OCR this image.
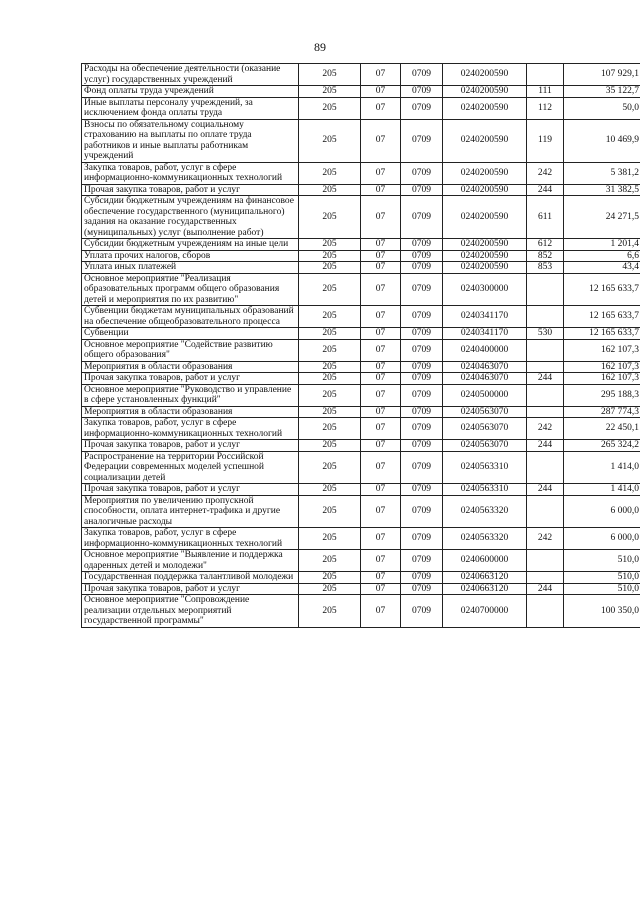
89
Расходы на обеспечение деятельности (оказание услуг) государственных учреждений	205	07	0709	0240200590		107 929,1
Фонд оплаты труда учреждений	205	07	0709	0240200590	111	35 122,7
Иные выплаты персоналу учреждений, за исключением фонда оплаты труда	205	07	0709	0240200590	112	50,0
Взносы по обязательному социальному страхованию на выплаты по оплате труда работников и иные выплаты работникам учреждений	205	07	0709	0240200590	119	10 469,9
Закупка товаров, работ, услуг в сфере информационно-коммуникационных технологий	205	07	0709	0240200590	242	5 381,2
Прочая закупка товаров, работ и услуг	205	07	0709	0240200590	244	31 382,5
Субсидии бюджетным учреждениям на финансовое обеспечение государственного (муниципального) задания на оказание государственных (муниципальных) услуг (выполнение работ)	205	07	0709	0240200590	611	24 271,5
Субсидии бюджетным учреждениям на иные цели	205	07	0709	0240200590	612	1 201,4
Уплата прочих налогов, сборов	205	07	0709	0240200590	852	6,6
Уплата иных платежей	205	07	0709	0240200590	853	43,4
Основное мероприятие "Реализация образовательных программ общего образования детей и мероприятия по их развитию"	205	07	0709	0240300000		12 165 633,7
Субвенции бюджетам муниципальных образований на обеспечение общеобразовательного процесса	205	07	0709	0240341170		12 165 633,7
Субвенции	205	07	0709	0240341170	530	12 165 633,7
Основное мероприятие "Содействие развитию общего образования"	205	07	0709	0240400000		162 107,3
Мероприятия в области образования	205	07	0709	0240463070		162 107,3
Прочая закупка товаров, работ и услуг	205	07	0709	0240463070	244	162 107,3
Основное мероприятие "Руководство и управление в сфере установленных функций"	205	07	0709	0240500000		295 188,3
Мероприятия в области образования	205	07	0709	0240563070		287 774,3
Закупка товаров, работ, услуг в сфере информационно-коммуникационных технологий	205	07	0709	0240563070	242	22 450,1
Прочая закупка товаров, работ и услуг	205	07	0709	0240563070	244	265 324,2
Распространение на территории Российской Федерации современных моделей успешной социализации детей	205	07	0709	0240563310		1 414,0
Прочая закупка товаров, работ и услуг	205	07	0709	0240563310	244	1 414,0
Мероприятия по увеличению пропускной способности, оплата интернет-трафика и другие аналогичные расходы	205	07	0709	0240563320		6 000,0
Закупка товаров, работ, услуг в сфере информационно-коммуникационных технологий	205	07	0709	0240563320	242	6 000,0
Основное мероприятие "Выявление и поддержка одаренных детей и молодежи"	205	07	0709	0240600000		510,0
Государственная поддержка талантливой молодежи	205	07	0709	0240663120		510,0
Прочая закупка товаров, работ и услуг	205	07	0709	0240663120	244	510,0
Основное мероприятие "Сопровождение реализации отдельных мероприятий государственной программы"	205	07	0709	0240700000		100 350,0
